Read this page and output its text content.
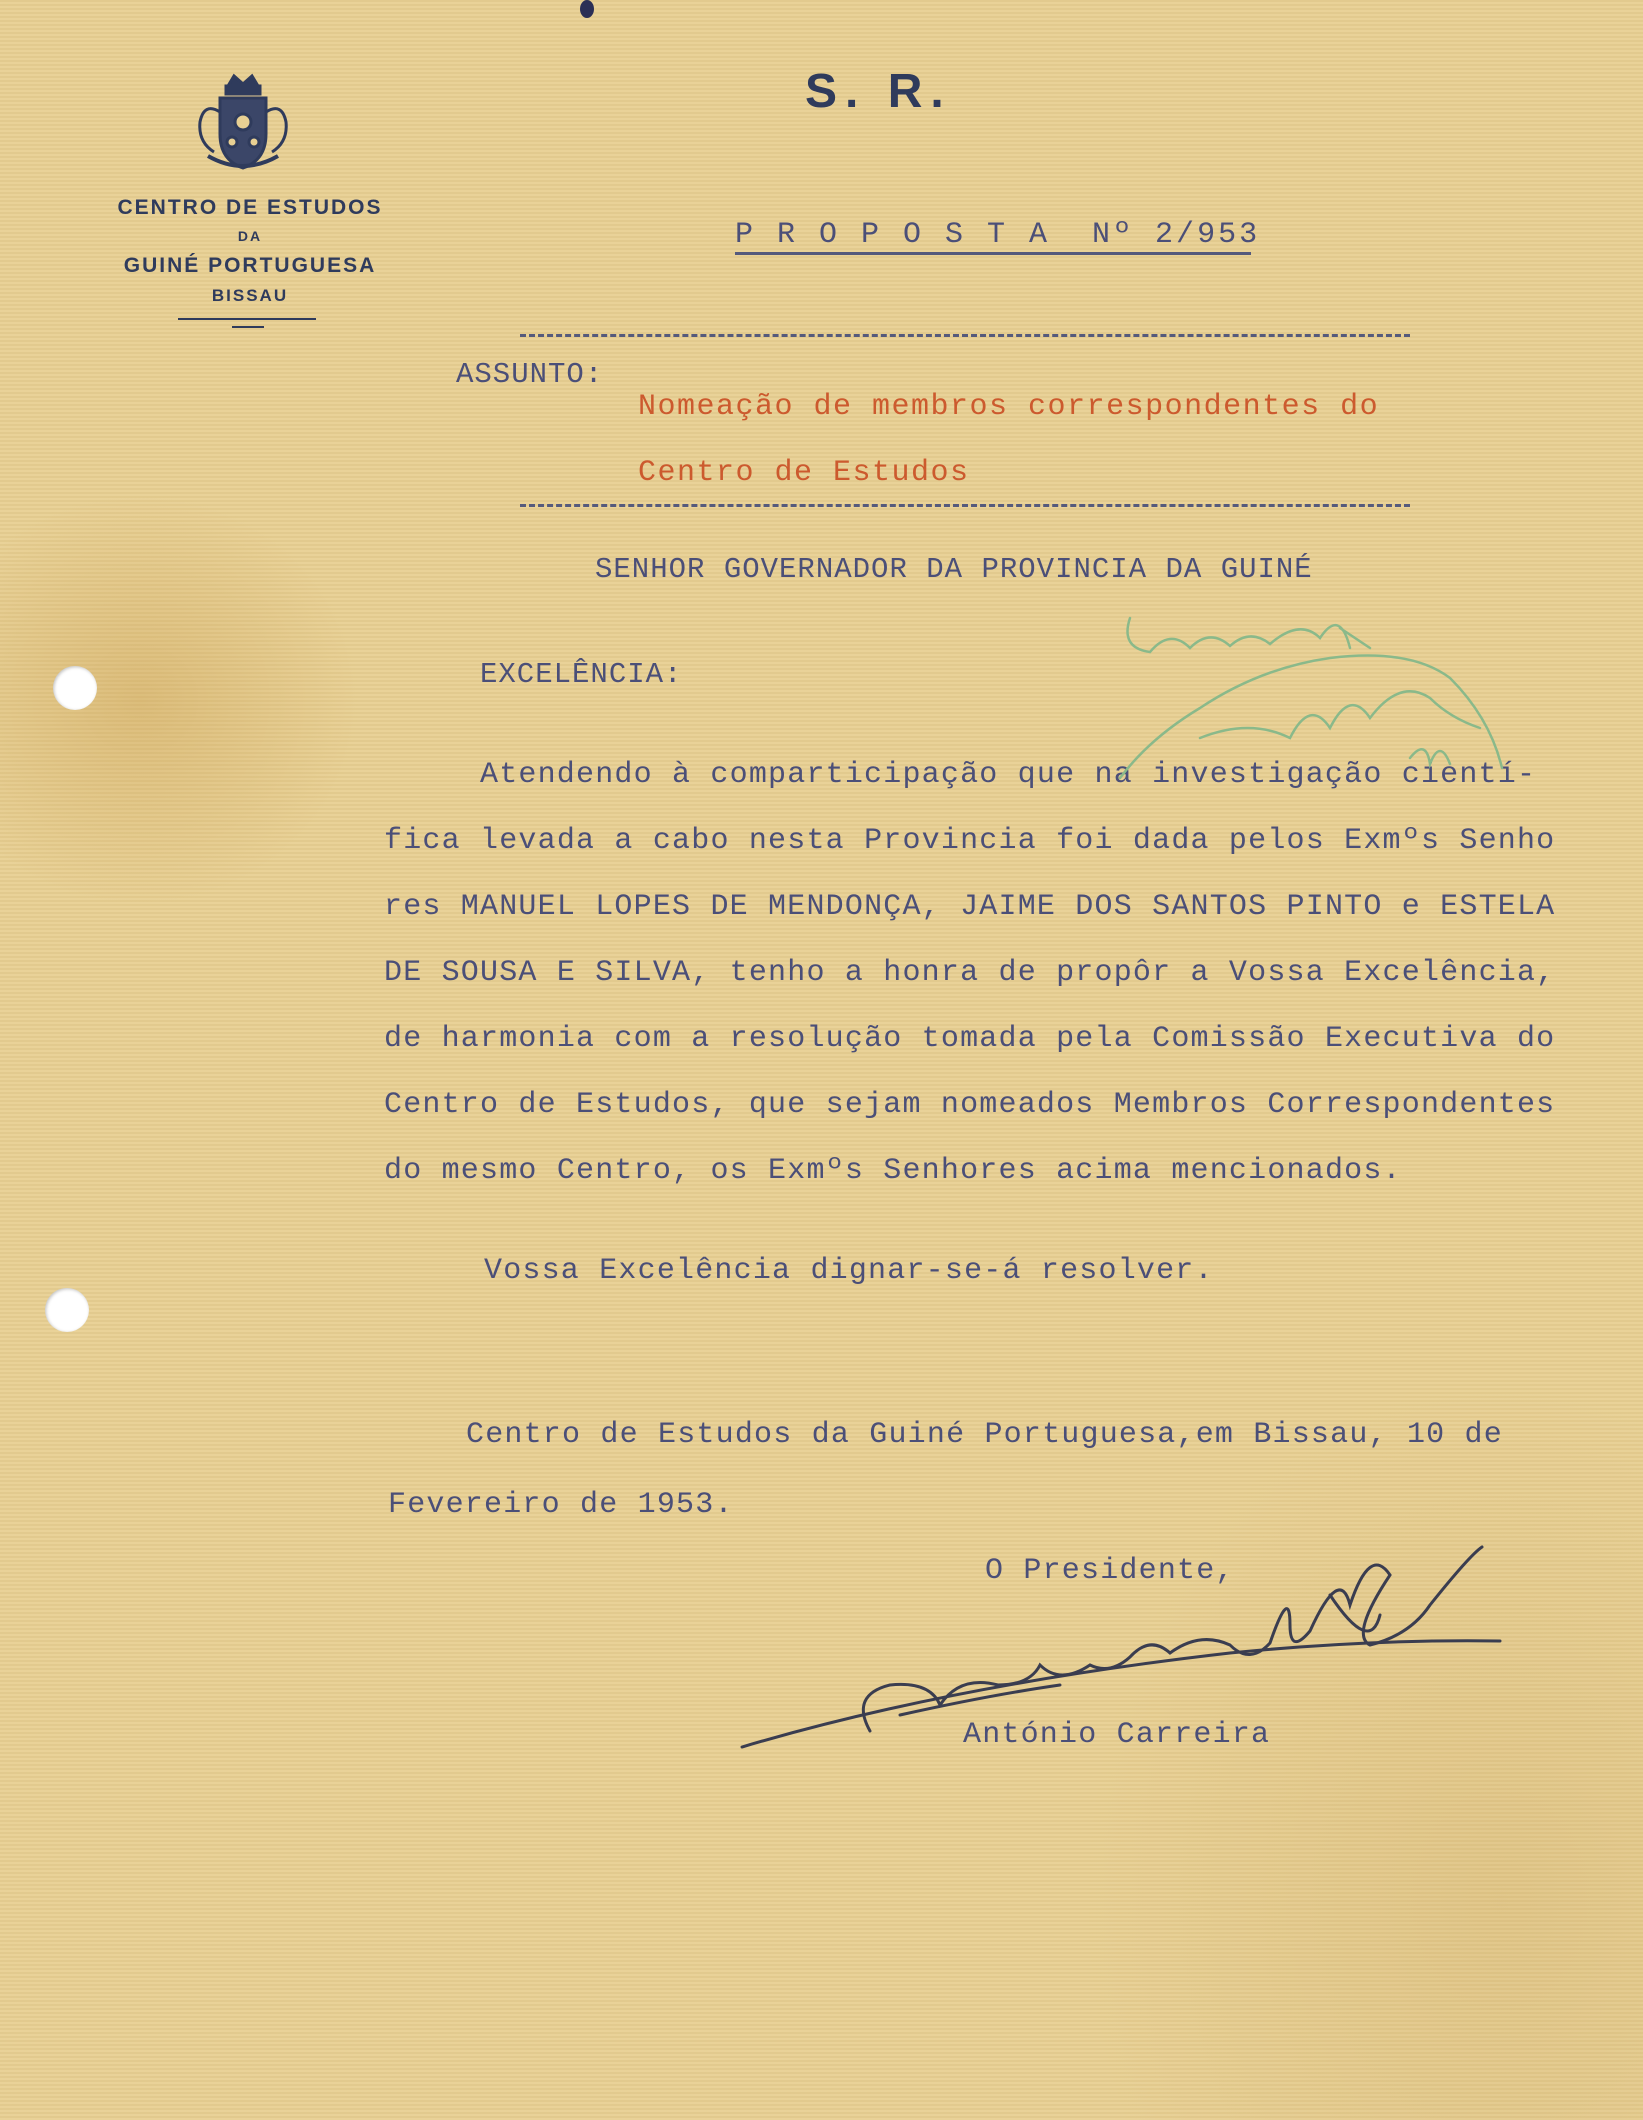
CENTRO DE ESTUDOS
DA
GUINÉ PORTUGUESA
BISSAU
S. R.
P R O P O S T A  Nº 2/953
ASSUNTO:
Nomeação de membros correspondentes do
Centro de Estudos
SENHOR GOVERNADOR DA PROVINCIA DA GUINÉ
EXCELÊNCIA:
Atendendo à comparticipação que na investigação cientí-
fica levada a cabo nesta Provincia foi dada pelos Exmºs Senho
res MANUEL LOPES DE MENDONÇA, JAIME DOS SANTOS PINTO e ESTELA
DE SOUSA E SILVA, tenho a honra de propôr a Vossa Excelência,
de harmonia com a resolução tomada pela Comissão Executiva do
Centro de Estudos, que sejam nomeados Membros Correspondentes
do mesmo Centro, os Exmºs Senhores acima mencionados.
Vossa Excelência dignar-se-á resolver.
Centro de Estudos da Guiné Portuguesa,em Bissau, 10 de
Fevereiro de 1953.
O Presidente,
António Carreira
